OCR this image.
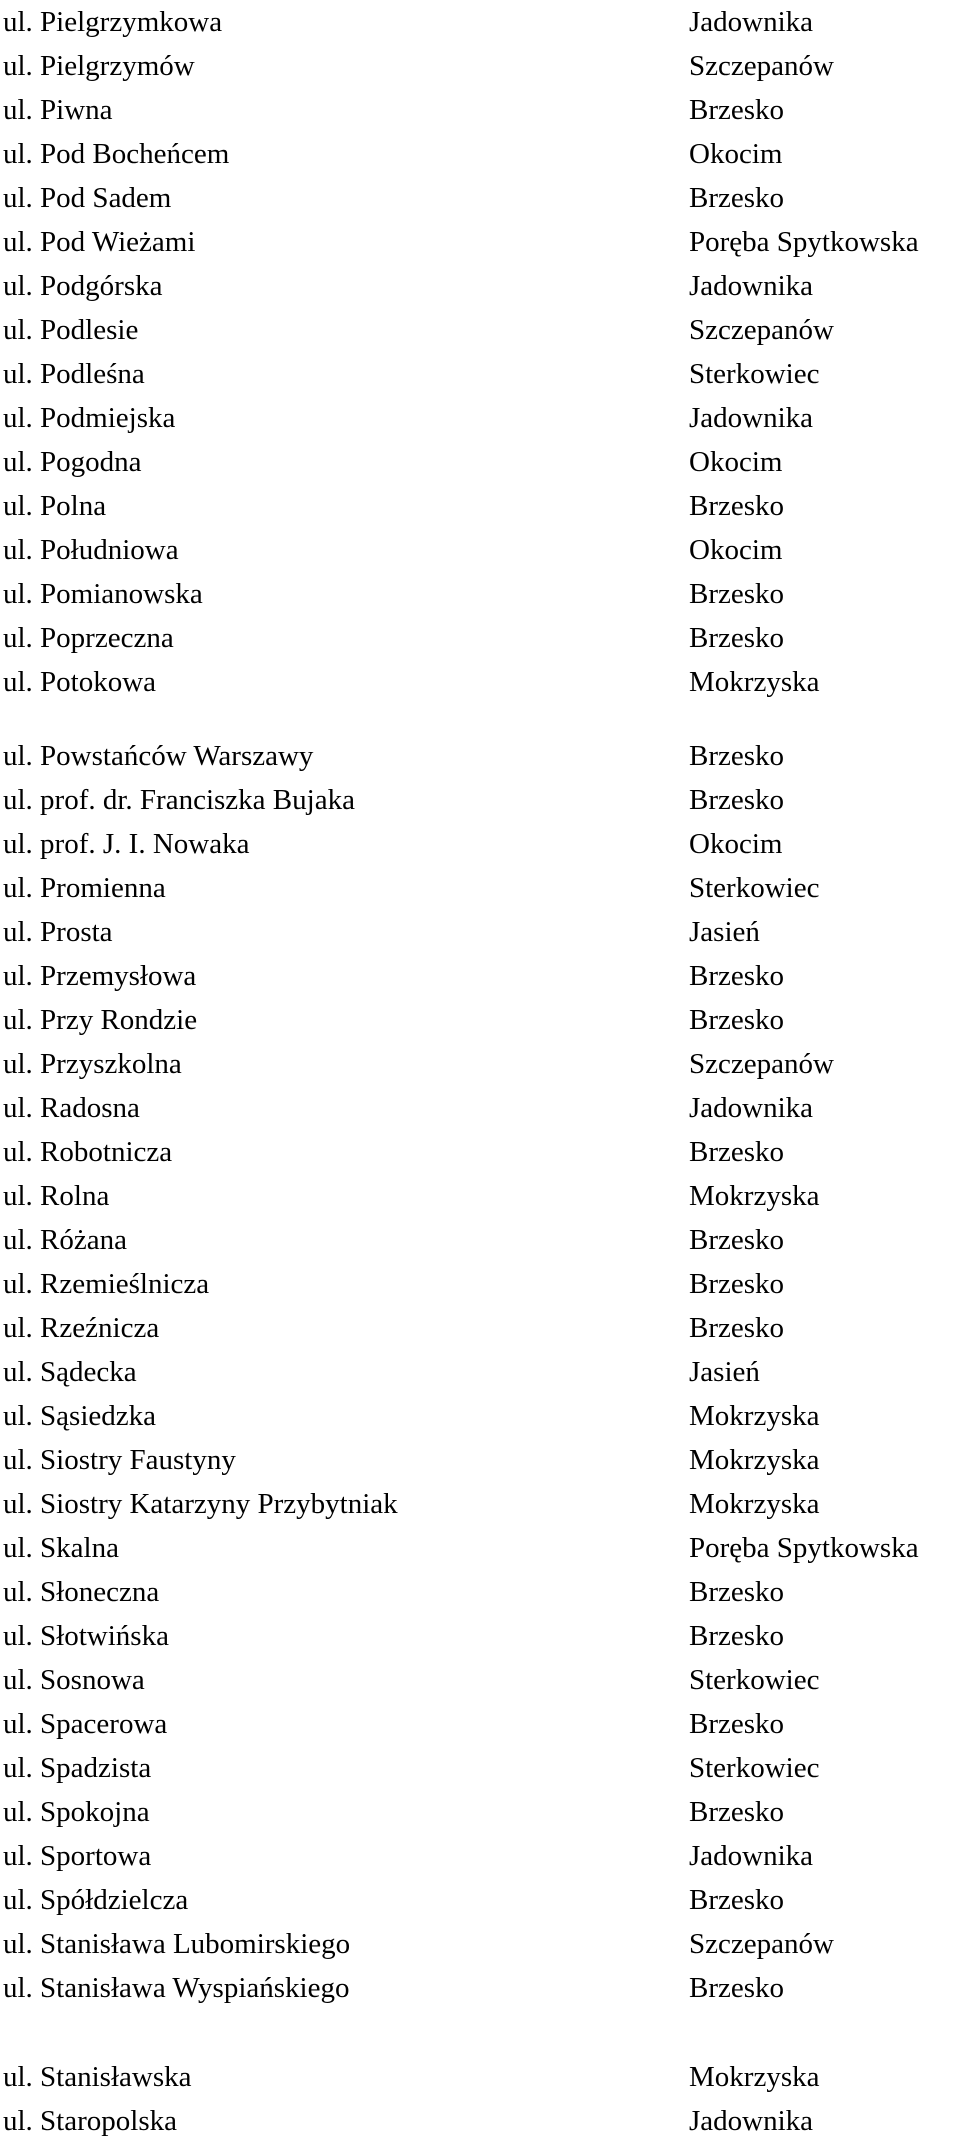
ul. Pielgrzymkowa	Jadownika
ul. Pielgrzymów	Szczepanów
ul. Piwna	Brzesko
ul. Pod Bocheńcem	Okocim
ul. Pod Sadem	Brzesko
ul. Pod Wieżami	Poręba Spytkowska
ul. Podgórska	Jadownika
ul. Podlesie	Szczepanów
ul. Podleśna	Sterkowiec
ul. Podmiejska	Jadownika
ul. Pogodna	Okocim
ul. Polna	Brzesko
ul. Południowa	Okocim
ul. Pomianowska	Brzesko
ul. Poprzeczna	Brzesko
ul. Potokowa	Mokrzyska
ul. Powstańców Warszawy	Brzesko
ul. prof. dr. Franciszka Bujaka	Brzesko
ul. prof. J. I. Nowaka	Okocim
ul. Promienna	Sterkowiec
ul. Prosta	Jasień
ul. Przemysłowa	Brzesko
ul. Przy Rondzie	Brzesko
ul. Przyszkolna	Szczepanów
ul. Radosna	Jadownika
ul. Robotnicza	Brzesko
ul. Rolna	Mokrzyska
ul. Różana	Brzesko
ul. Rzemieślnicza	Brzesko
ul. Rzeźnicza	Brzesko
ul. Sądecka	Jasień
ul. Sąsiedzka	Mokrzyska
ul. Siostry Faustyny	Mokrzyska
ul. Siostry Katarzyny Przybytniak	Mokrzyska
ul. Skalna	Poręba Spytkowska
ul. Słoneczna	Brzesko
ul. Słotwińska	Brzesko
ul. Sosnowa	Sterkowiec
ul. Spacerowa	Brzesko
ul. Spadzista	Sterkowiec
ul. Spokojna	Brzesko
ul. Sportowa	Jadownika
ul. Spółdzielcza	Brzesko
ul. Stanisława Lubomirskiego	Szczepanów
ul. Stanisława Wyspiańskiego	Brzesko
ul. Stanisławska	Mokrzyska
ul. Staropolska	Jadownika
